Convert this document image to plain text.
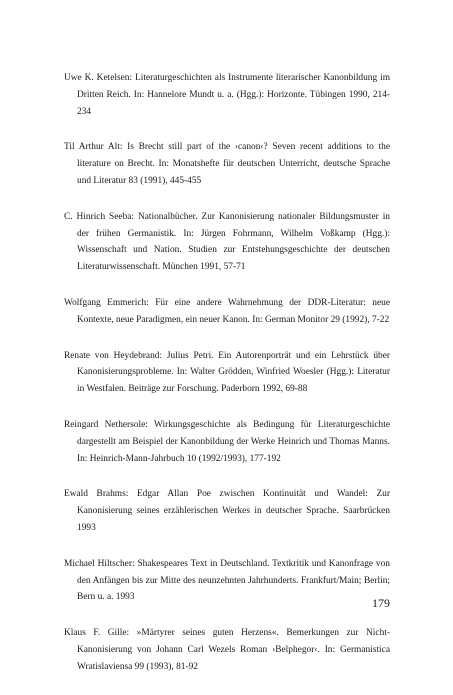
Uwe K. Ketelsen: Literaturgeschichten als Instrumente literarischer Kanonbildung im Dritten Reich. In: Hannelore Mundt u. a. (Hgg.): Horizonte. Tübingen 1990, 214-234

Til Arthur Alt: Is Brecht still part of the ›canon‹? Seven recent additions to the literature on Brecht. In: Monatshefte für deutschen Unterricht, deutsche Sprache und Literatur 83 (1991), 445-455

C. Hinrich Seeba: Nationalbücher. Zur Kanonisierung nationaler Bildungsmuster in der frühen Germanistik. In: Jürgen Fohrmann, Wilhelm Voßkamp (Hgg.): Wissenschaft und Nation. Studien zur Entstehungsgeschichte der deutschen Literaturwissenschaft. München 1991, 57-71

Wolfgang Emmerich: Für eine andere Wahrnehmung der DDR-Literatur: neue Kontexte, neue Paradigmen, ein neuer Kanon. In: German Monitor 29 (1992), 7-22

Renate von Heydebrand: Julius Petri. Ein Autorenporträt und ein Lehrstück über Kanonisierungsprobleme. In: Walter Grödden, Winfried Woesler (Hgg.): Literatur in Westfalen. Beiträge zur Forschung. Paderborn 1992, 69-88

Reingard Nethersole: Wirkungsgeschichte als Bedingung für Literaturgeschichte dargestellt am Beispiel der Kanonbildung der Werke Heinrich und Thomas Manns. In: Heinrich-Mann-Jahrbuch 10 (1992/1993), 177-192

Ewald Brahms: Edgar Allan Poe zwischen Kontinuität und Wandel: Zur Kanonisierung seines erzählerischen Werkes in deutscher Sprache. Saarbrücken 1993

Michael Hiltscher: Shakespeares Text in Deutschland. Textkritik und Kanonfrage von den Anfängen bis zur Mitte des neunzehnten Jahrhunderts. Frankfurt/Main; Berlin; Bern u. a. 1993

Klaus F. Gille: »Märtyrer seines guten Herzens«. Bemerkungen zur Nicht-Kanonisierung von Johann Carl Wezels Roman ›Belphegor‹. In: Germanistica Wratislaviensa 99 (1993), 81-92

179
